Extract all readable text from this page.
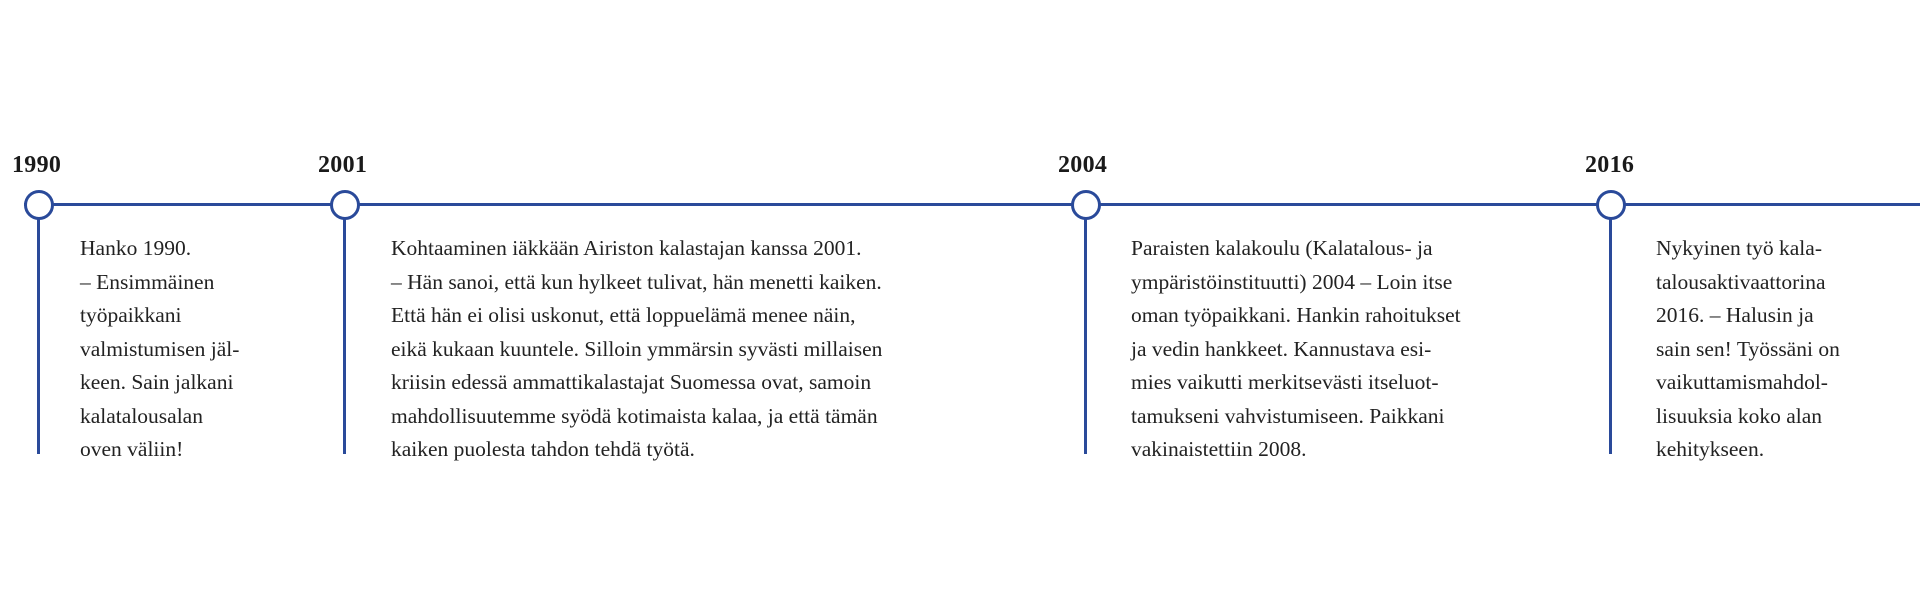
1990
Hanko 1990.
– Ensimmäinen
työpaikkani
valmistumisen jäl-
keen. Sain jalkani
kalatalousalan
oven väliin!
2001
Kohtaaminen iäkkään Airiston kalastajan kanssa 2001.
– Hän sanoi, että kun hylkeet tulivat, hän menetti kaiken.
Että hän ei olisi uskonut, että loppuelämä menee näin,
eikä kukaan kuuntele. Silloin ymmärsin syvästi millaisen
kriisin edessä ammattikalastajat Suomessa ovat, samoin
mahdollisuutemme syödä kotimaista kalaa, ja että tämän
kaiken puolesta tahdon tehdä työtä.
2004
Paraisten kalakoulu (Kalatalous- ja
ympäristöinstituutti) 2004 – Loin itse
oman työpaikkani. Hankin rahoitukset
ja vedin hankkeet. Kannustava esi-
mies vaikutti merkitsevästi itseluot-
tamukseni vahvistumiseen. Paikkani
vakinaistettiin 2008.
2016
Nykyinen työ kala-
talousaktivaattorina
2016. – Halusin ja
sain sen! Työssäni on
vaikuttamismahdol-
lisuuksia koko alan
kehitykseen.
